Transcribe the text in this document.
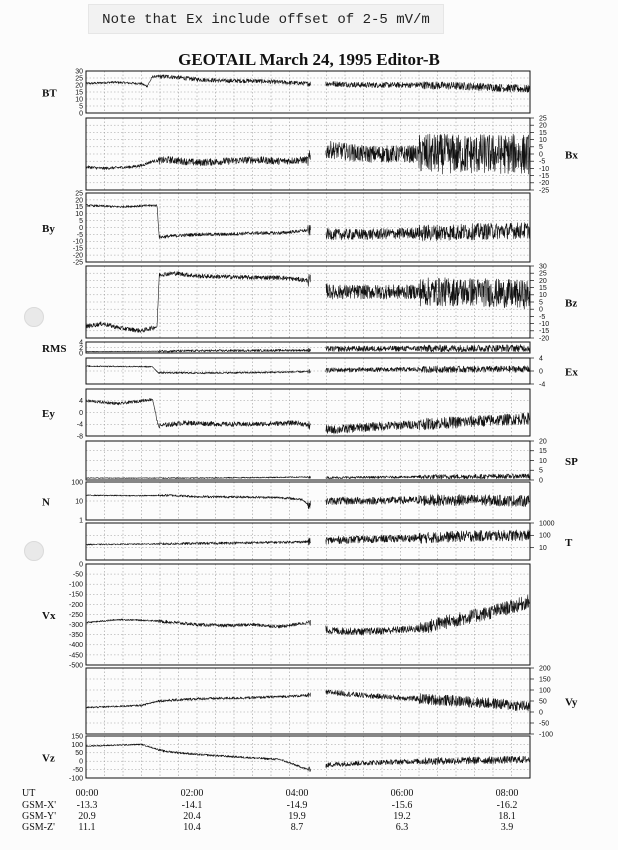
Note that Ex include offset of 2-5 mV/m
GEOTAIL March 24, 1995 Editor-B
30
25
20
15
10
5
0
BT
25
20
15
10
5
0
-5
-10
-15
-20
-25
Bx
25
20
15
10
5
0
-5
-10
-15
-20
-25
By
30
25
20
15
10
5
0
-5
-10
-15
-20
Bz
4
2
0
RMS
4
0
-4
Ex
4
0
-4
-8
Ey
20
15
10
5
0
SP
100
10
1
N
1000
100
10 T
0
-50
-100
-150
-200
-250
-300
-350
-400
-450
-500
Vx
200
150
100
50
0
-50
-100
Vy
150
100
50
0
-50
-100
Vz
UT	00:00	02:00	04:00	06:00	08:00
GSM-X' -13.3	-14.1	-14.9	-15.6	-16.2
GSM-Y' 20.9	20.4	19.9	19.2	18.1
GSM-Z' 11.1	10.4	8.7	6.3	3.9
